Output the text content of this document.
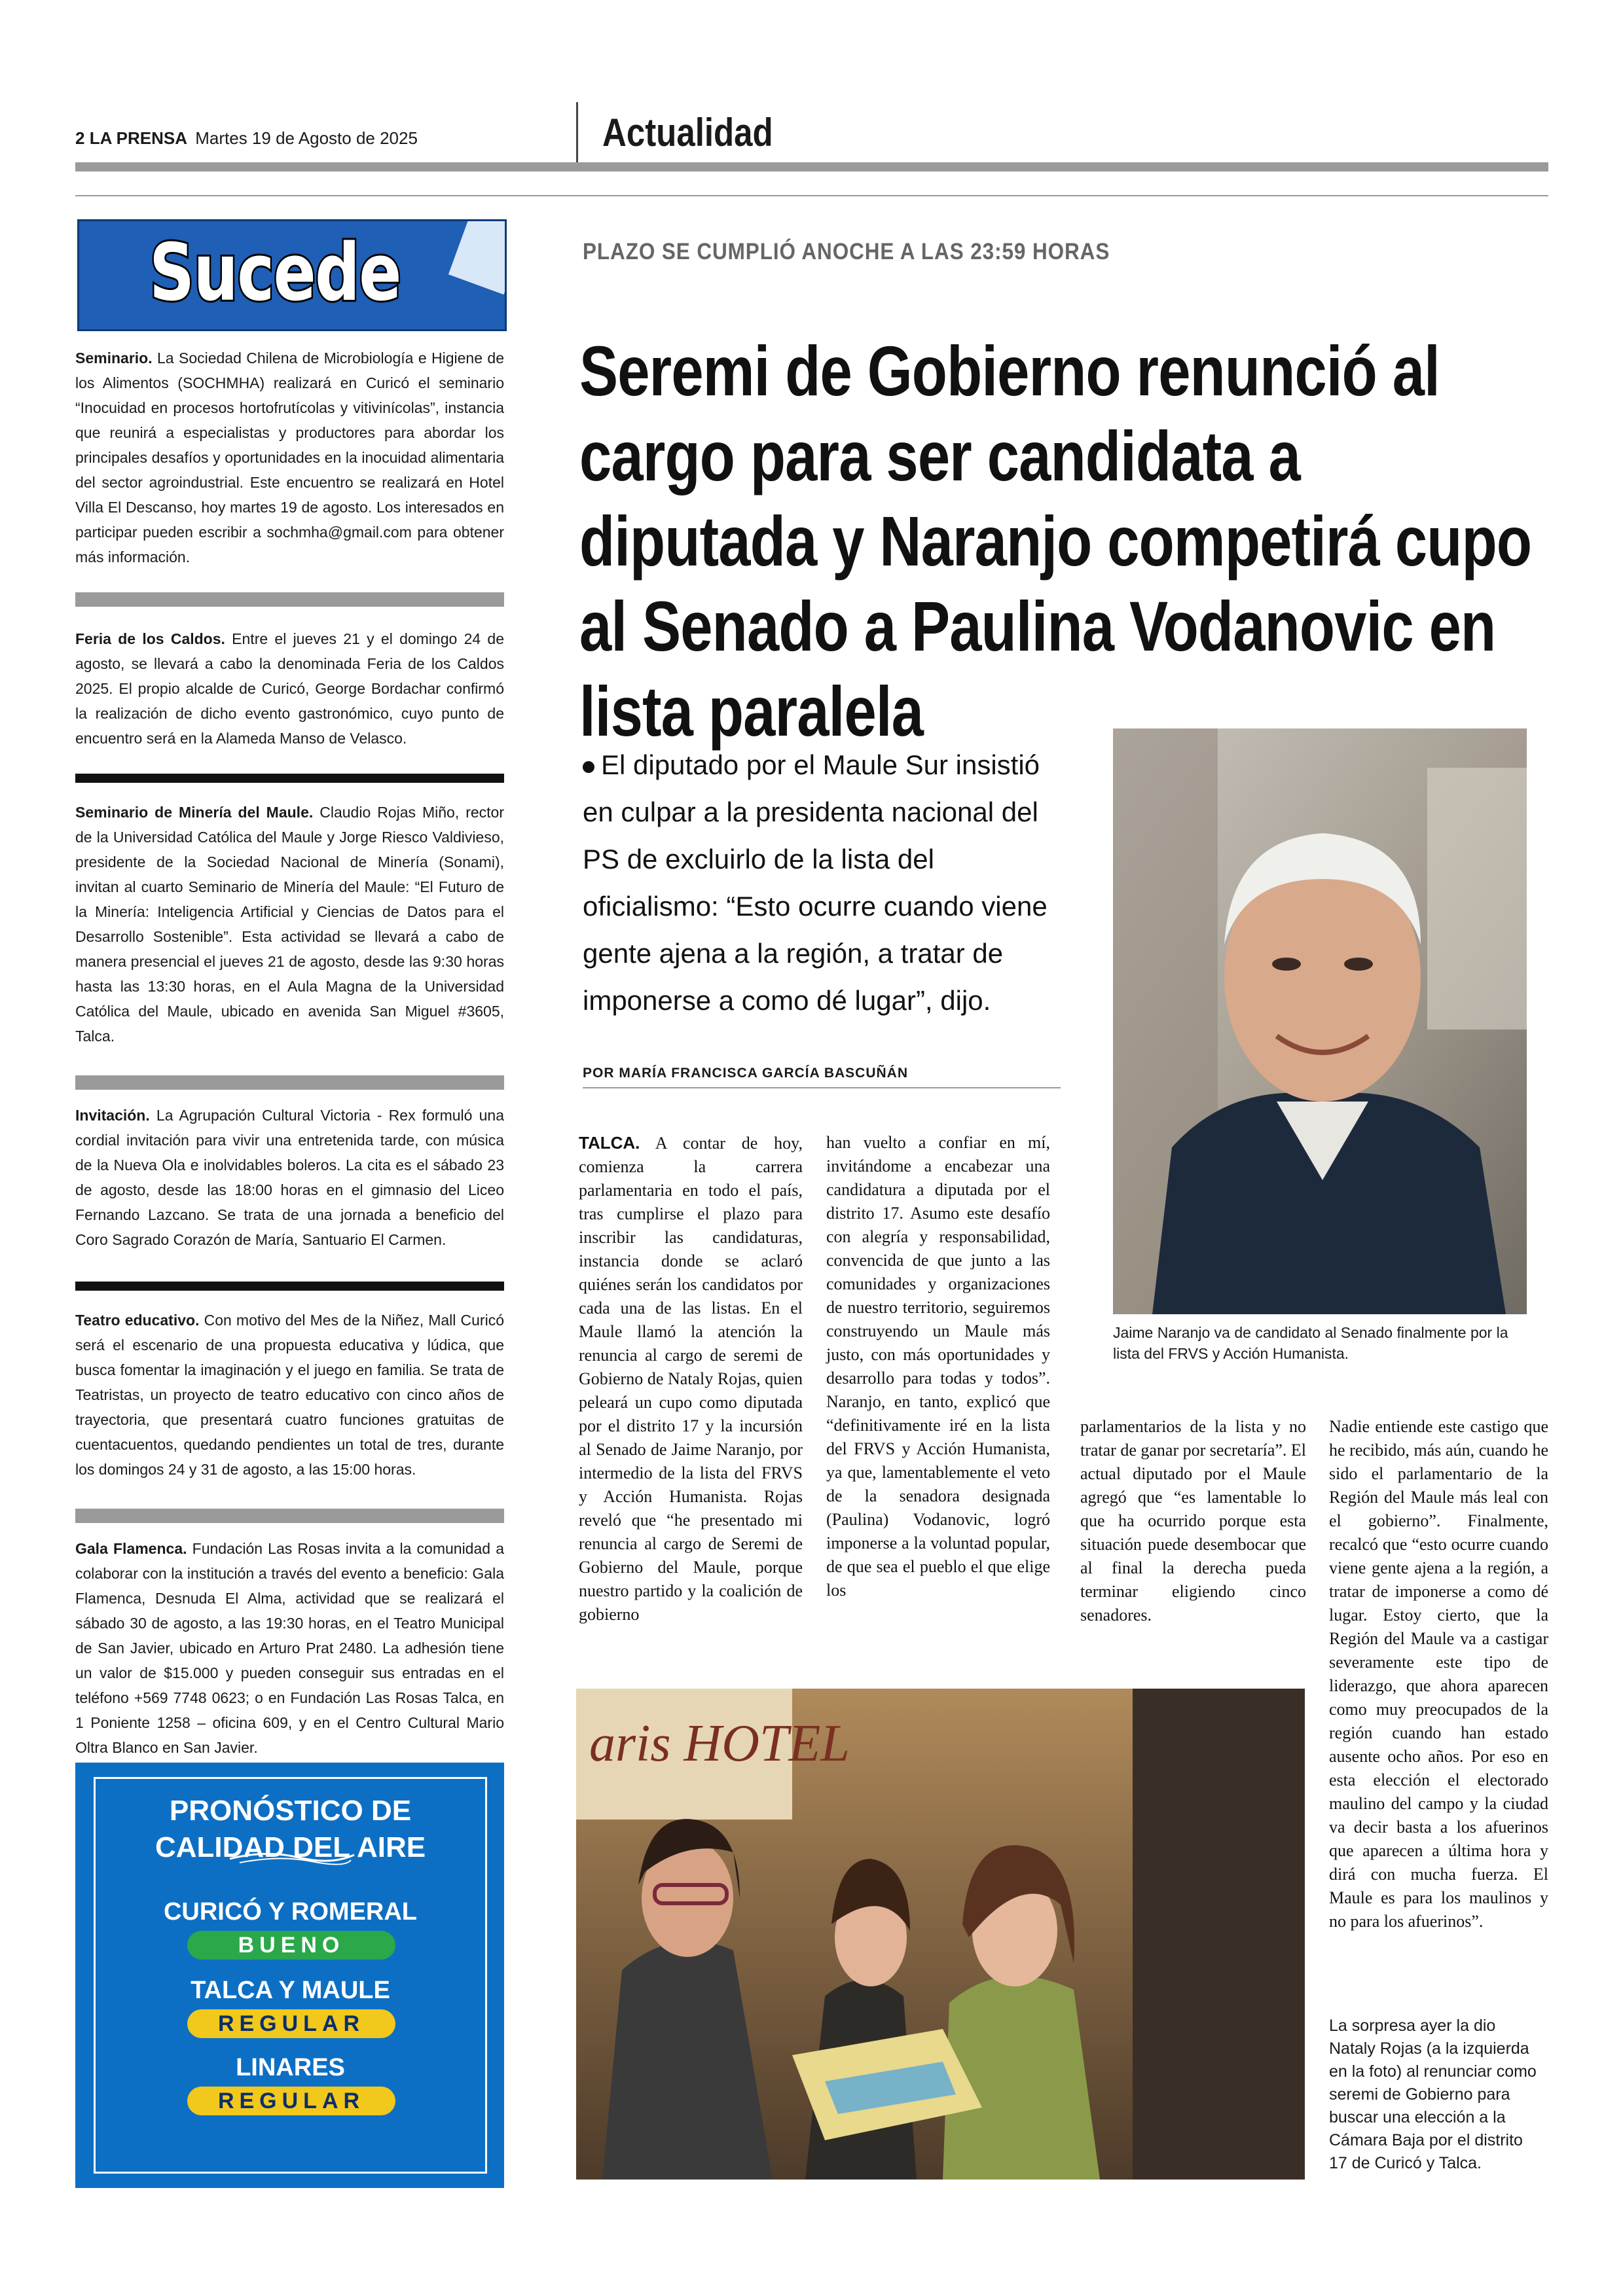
2 LA PRENSA Martes 19 de Agosto de 2025	Actualidad
Sucede
Seminario. La Sociedad Chilena de Microbiología e Higiene de los Alimentos (SOCHMHA) realizará en Curicó el seminario “Inocuidad en procesos hortofrutícolas y vitivinícolas”, instancia que reunirá a especialistas y productores para abordar los principales desafíos y oportunidades en la inocuidad alimentaria del sector agroindustrial. Este encuentro se realizará en Hotel Villa El Descanso, hoy martes 19 de agosto. Los interesados en participar pueden escribir a sochmha@gmail.com para obtener más información.
Feria de los Caldos. Entre el jueves 21 y el domingo 24 de agosto, se llevará a cabo la denominada Feria de los Caldos 2025. El propio alcalde de Curicó, George Bordachar confirmó la realización de dicho evento gastronómico, cuyo punto de encuentro será en la Alameda Manso de Velasco.
Seminario de Minería del Maule. Claudio Rojas Miño, rector de la Universidad Católica del Maule y Jorge Riesco Valdivieso, presidente de la Sociedad Nacional de Minería (Sonami), invitan al cuarto Seminario de Minería del Maule: “El Futuro de la Minería: Inteligencia Artificial y Ciencias de Datos para el Desarrollo Sostenible”. Esta actividad se llevará a cabo de manera presencial el jueves 21 de agosto, desde las 9:30 horas hasta las 13:30 horas, en el Aula Magna de la Universidad Católica del Maule, ubicado en avenida San Miguel #3605, Talca.
Invitación. La Agrupación Cultural Victoria - Rex formuló una cordial invitación para vivir una entretenida tarde, con música de la Nueva Ola e inolvidables boleros. La cita es el sábado 23 de agosto, desde las 18:00 horas en el gimnasio del Liceo Fernando Lazcano. Se trata de una jornada a beneficio del Coro Sagrado Corazón de María, Santuario El Carmen.
Teatro educativo. Con motivo del Mes de la Niñez, Mall Curicó será el escenario de una propuesta educativa y lúdica, que busca fomentar la imaginación y el juego en familia. Se trata de Teatristas, un proyecto de teatro educativo con cinco años de trayectoria, que presentará cuatro funciones gratuitas de cuentacuentos, quedando pendientes un total de tres, durante los domingos 24 y 31 de agosto, a las 15:00 horas.
Gala Flamenca. Fundación Las Rosas invita a la comunidad a colaborar con la institución a través del evento a beneficio: Gala Flamenca, Desnuda El Alma, actividad que se realizará el sábado 30 de agosto, a las 19:30 horas, en el Teatro Municipal de San Javier, ubicado en Arturo Prat 2480. La adhesión tiene un valor de $15.000 y pueden conseguir sus entradas en el teléfono +569 7748 0623; o en Fundación Las Rosas Talca, en 1 Poniente 1258 – oficina 609, y en el Centro Cultural Mario Oltra Blanco en San Javier.
PRONÓSTICO DE
CALIDAD DEL AIRE
CURICÓ Y ROMERAL
BUENO
TALCA Y MAULE
REGULAR
LINARES
REGULAR
PLAZO SE CUMPLIÓ ANOCHE A LAS 23:59 HORAS
Seremi de Gobierno renunció al cargo para ser candidata a diputada y Naranjo competirá cupo al Senado a Paulina Vodanovic en lista paralela
El diputado por el Maule Sur insistió en culpar a la presidenta nacional del PS de excluirlo de la lista del oficialismo: “Esto ocurre cuando viene gente ajena a la región, a tratar de imponerse a como dé lugar”, dijo.
POR MARÍA FRANCISCA GARCÍA BASCUÑÁN
TALCA. A contar de hoy, comienza la carrera parlamentaria en todo el país, tras cumplirse el plazo para inscribir las candidaturas, instancia donde se aclaró quiénes serán los candidatos por cada una de las listas. En el Maule llamó la atención la renuncia al cargo de seremi de Gobierno de Nataly Rojas, quien peleará un cupo como diputada por el distrito 17 y la incursión al Senado de Jaime Naranjo, por intermedio de la lista del FRVS y Acción Humanista. Rojas reveló que “he presentado mi renuncia al cargo de Seremi de Gobierno del Maule, porque nuestro partido y la coalición de gobierno
han vuelto a confiar en mí, invitándome a encabezar una candidatura a diputada por el distrito 17. Asumo este desafío con alegría y responsabilidad, convencida de que junto a las comunidades y organizaciones de nuestro territorio, seguiremos construyendo un Maule más justo, con más oportunidades y desarrollo para todas y todos”. Naranjo, en tanto, explicó que “definitivamente iré en la lista del FRVS y Acción Humanista, ya que, lamentablemente el veto de la senadora designada (Paulina) Vodanovic, logró imponerse a la voluntad popular, de que sea el pueblo el que elige los
parlamentarios de la lista y no tratar de ganar por secretaría”. El actual diputado por el Maule agregó que “es lamentable lo que ha ocurrido porque esta situación puede desembocar que al final la derecha pueda terminar eligiendo cinco senadores.
Nadie entiende este castigo que he recibido, más aún, cuando he sido el parlamentario de la Región del Maule más leal con el gobierno”. Finalmente, recalcó que “esto ocurre cuando viene gente ajena a la región, a tratar de imponerse a como dé lugar. Estoy cierto, que la Región del Maule va a castigar severamente este tipo de liderazgo, que ahora aparecen como muy preocupados de la región cuando han estado ausente ocho años. Por eso en esta elección el electorado maulino del campo y la ciudad va decir basta a los afuerinos que aparecen a última hora y dirá con mucha fuerza. El Maule es para los maulinos y no para los afuerinos”.
Jaime Naranjo va de candidato al Senado finalmente por la lista del FRVS y Acción Humanista.
aris HOTEL
La sorpresa ayer la dio Nataly Rojas (a la izquierda en la foto) al renunciar como seremi de Gobierno para buscar una elección a la Cámara Baja por el distrito 17 de Curicó y Talca.
